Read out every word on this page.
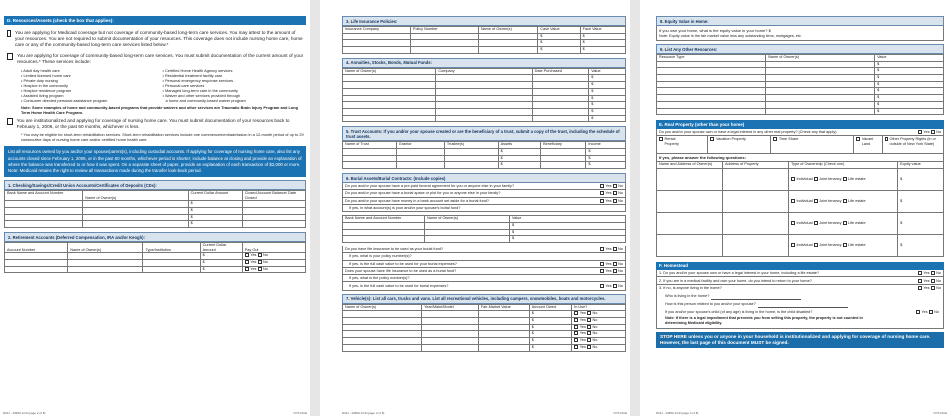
D. Resources/Assets (check the box that applies):
You are applying for Medicaid coverage but not coverage of community-based long-term care services. You may attest to the amount of your resources. You are not required to submit documentation of your resources. This coverage does not include nursing home care, home care or any of the community-based long-term care services listed below.*
You are applying for coverage of community-based long-term care services. You must submit documentation of the current amount of your resources.* These services include:
• Adult day health care
• Limited licensed home care
• Private duty nursing
• Hospice in the community
• Hospice residence program
• Assisted living program
• Consumer directed personal assistance program
• Certified Home Health Agency services
• Residential treatment facility care
• Personal emergency response services
• Personal care services
• Managed long-term care in the community
• Waiver and other services provided through
a home and community-based waiver program
Note: Some examples of home and community-based programs that provide waivers and other services are Traumatic Brain Injury Program and Long Term Home Health Care Program.
You are institutionalized and applying for coverage of nursing home care. You must submit documentation of your resources back to February 1, 2006, or the past 60 months, whichever is less.
* You may be eligible for short-term rehabilitation services. Short-term rehabilitation services include one commencement/admission in a 12-month period of up to 29 consecutive days of nursing home care and/or certified home health care.
List all resources owned by you and/or your spouse/parent(s), including custodial accounts. If applying for coverage of nursing home care, also list any accounts closed since February 1, 2006, or in the past 60 months, whichever period is shorter; include balance at closing and provide an explanation of where the balance was transferred to or how it was spent. On a separate sheet of paper, provide an explanation of each transaction of $2,000 or more. Note: Medicaid retains the right to review all transactions made during the transfer look-back period.
1. Checking/Savings/Credit Union Accounts/Certificates of Deposits (CDs):
Bank Name and Account Number	Name of Owner(s)	Current Dollar Amount	Closed Account Balance/ Date Closed
		$	
		$	
		$	
		$	
2. Retirement Accounts (Deferred Compensation, IRA and/or Keogh):
Account Number	Name of Owner(s)	Type/Institution	Current Dollar Amount	Pay Out
			$	Yes No
			$	Yes No
			$	Yes No
DOH - 4495A 1/10 (page 2 of 8)	NYS DOH
3. Life Insurance Policies:
Insurance Company	Policy Number	Name of Owner(s)	Cash Value	Face Value
			$	$
			$	$
			$	$
4. Annuities, Stocks, Bonds, Mutual Funds:
Name of Owner(s)	Company	Date Purchased	Value
			$
			$
			$
			$
			$
			$
			$
5. Trust Accounts: If you and/or your spouse created or are the beneficiary of a trust, submit a copy of the trust, including the schedule of trust assets.
Name of Trust	Grantor	Trustee(s)	Assets	Beneficiary	Income
			$		$
			$		$
			$		$
6. Burial Assets/Burial Contracts: (Include copies)
Do you and/or your spouse have a pre-paid funeral agreement for you or anyone else in your family?	Yes No
Do you and/or your spouse have a burial space or plot for you or anyone else in your family?	Yes No
Do you and/or your spouse have money in a bank account set aside for a burial fund?	Yes No
If yes, in what account(s) is your and/or your spouse's burial fund?
Bank Name and Account Number	Name of Owner(s)	Value
		$
		$
		$
Do you have life insurance to be used as your burial fund?	Yes No
If yes, what is your policy number(s)?
If yes, is the full cash value to be used for your burial expenses?	Yes No
Does your spouse have life insurance to be used as a burial fund?	Yes No
If yes, what is the policy number(s)?
If yes, is the full cash value to be used for burial expenses?	Yes No
7. Vehicle(s): List all cars, trucks and vans. List all recreational vehicles, including campers, snowmobiles, boats and motorcycles.
Name of Owner(s)	Year/Make/Model	Fair-Market Value	Amount Owed	In Use?
			$	Yes No
			$	Yes No
			$	Yes No
			$	Yes No
			$	Yes No
			$	Yes No
DOH - 4495A 1/10 (page 3 of 8)	NYS DOH
8. Equity Value in Home:
If you own your home, what is the equity value in your home? $
Note: Equity value is the fair market value less any outstanding liens, mortgages, etc.
9. List Any Other Resources:
Resource Type	Name of Owner(s)	Value
		$
		$
		$
		$
		$
		$
		$
		$
E. Real Property (other than your home)
Do you and/or your spouse own or have a legal interest in any other real property? (Check any that apply)	Yes No
Rental Property
Vacation Property	Time Share	Vacant Land
Other Property Rights (in or outside of New York State)
If yes, please answer the following questions:
Name and Address of Owner(s)	Address of Property	Type of Ownership (Check one)	Equity value
		Individual Joint tenancy Life estate	$
		Individual Joint tenancy Life estate	$
		Individual Joint tenancy Life estate	$
		Individual Joint tenancy Life estate	$
F. Homestead
1. Do you and/or your spouse own or have a legal interest in your home, including a life estate?	Yes No
2. If you are in a medical facility and own your home, do you intend to return to your home?	Yes No
3. If no, is anyone living in the home?	Yes No
Who is living in the home?
How is this person related to you and/or your spouse?
If you and/or your spouse's child (of any age) is living in the home, is the child disabled?	Yes No
Note: If there is a legal impediment that prevents you from selling this property, the property is not counted in determining Medicaid eligibility.
STOP HERE unless you or anyone in your household is institutionalized and applying for coverage of nursing home care. However, the last page of this document MUST be signed.
DOH - 4495A 1/10 (page 4 of 8)	NYS DOH
